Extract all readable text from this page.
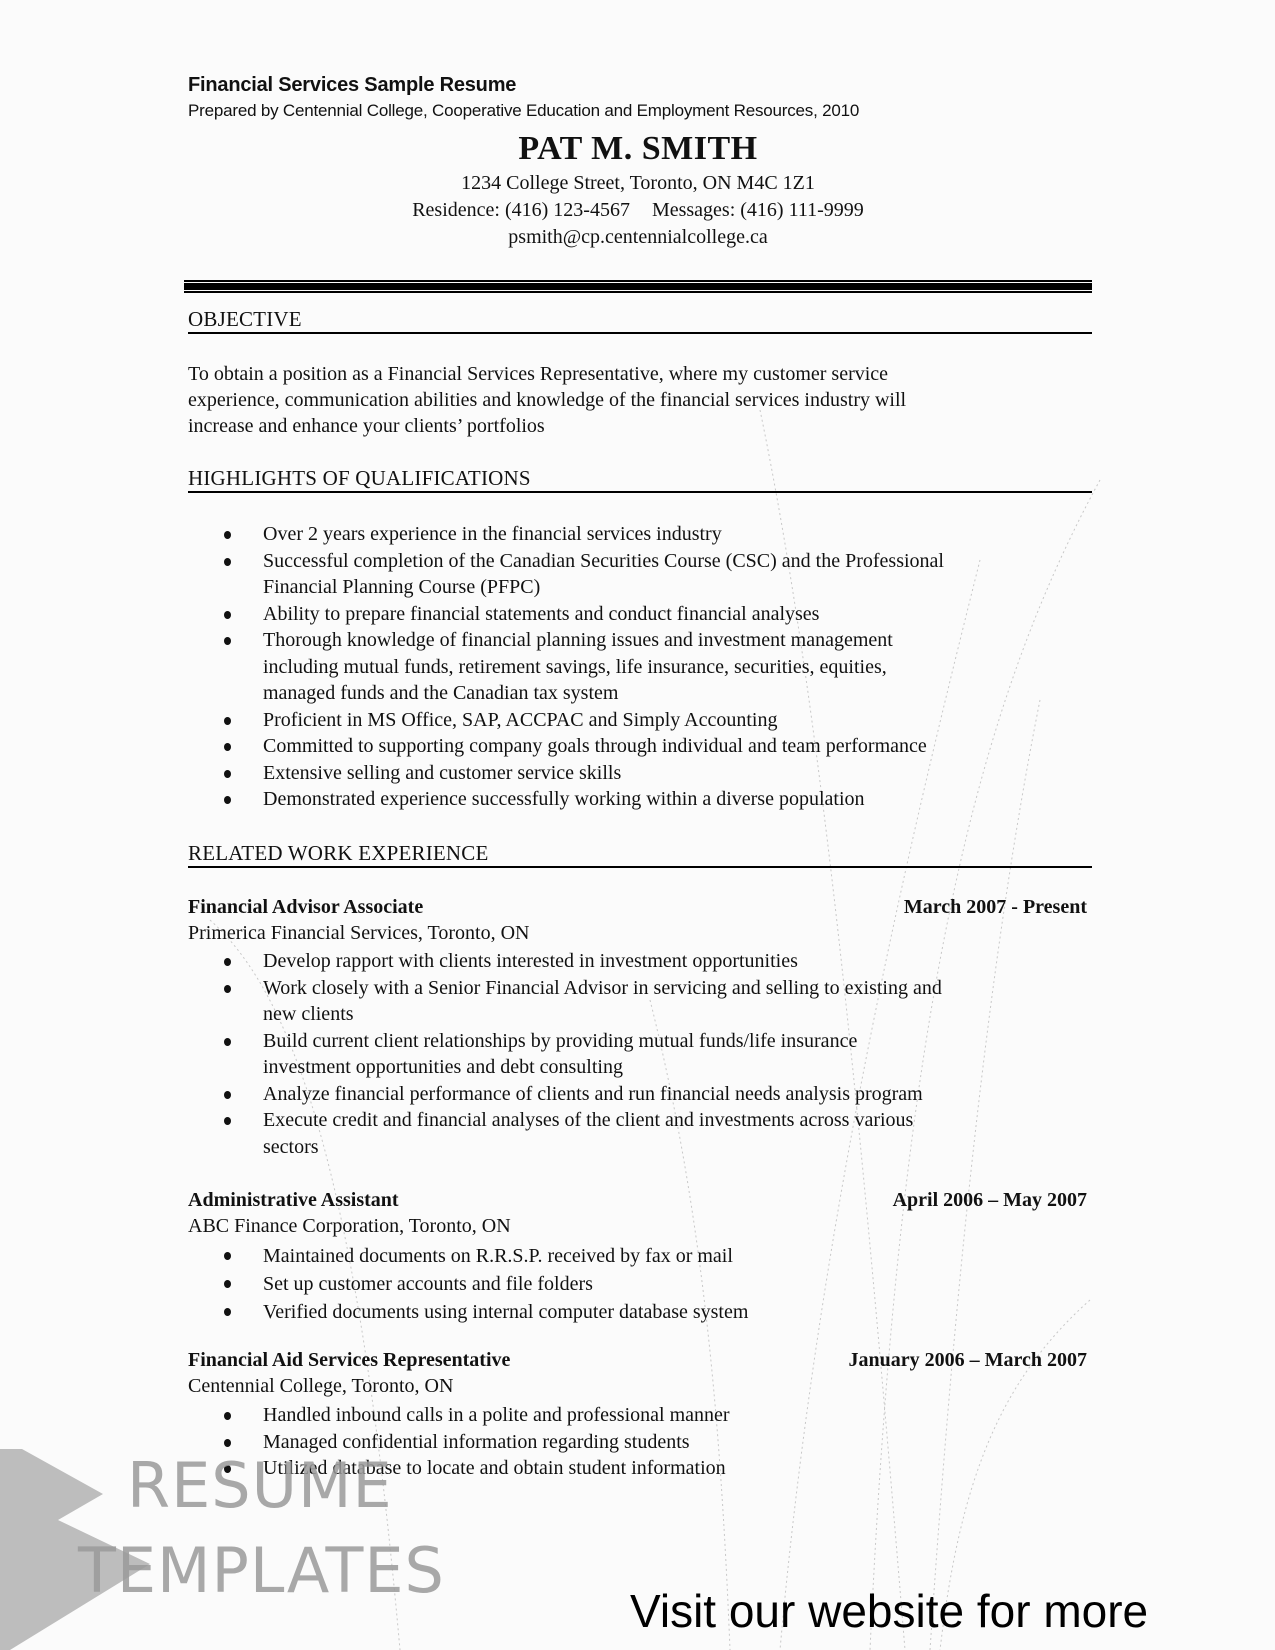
Financial Services Sample Resume
Prepared by Centennial College, Cooperative Education and Employment Resources, 2010
PAT M. SMITH
1234 College Street, Toronto, ON M4C 1Z1
Residence: (416) 123-4567 Messages: (416) 111-9999
psmith@cp.centennialcollege.ca
OBJECTIVE
To obtain a position as a Financial Services Representative, where my customer service
experience, communication abilities and knowledge of the financial services industry will
increase and enhance your clients’ portfolios
HIGHLIGHTS OF QUALIFICATIONS
Over 2 years experience in the financial services industry
Successful completion of the Canadian Securities Course (CSC) and the Professional
Financial Planning Course (PFPC)
Ability to prepare financial statements and conduct financial analyses
Thorough knowledge of financial planning issues and investment management
including mutual funds, retirement savings, life insurance, securities, equities,
managed funds and the Canadian tax system
Proficient in MS Office, SAP, ACCPAC and Simply Accounting
Committed to supporting company goals through individual and team performance
Extensive selling and customer service skills
Demonstrated experience successfully working within a diverse population
RELATED WORK EXPERIENCE
Financial Advisor Associate	March 2007 - Present
Primerica Financial Services, Toronto, ON
Develop rapport with clients interested in investment opportunities
Work closely with a Senior Financial Advisor in servicing and selling to existing and
new clients
Build current client relationships by providing mutual funds/life insurance
investment opportunities and debt consulting
Analyze financial performance of clients and run financial needs analysis program
Execute credit and financial analyses of the client and investments across various
sectors
Administrative Assistant	April 2006 – May 2007
ABC Finance Corporation, Toronto, ON
Maintained documents on R.R.S.P. received by fax or mail
Set up customer accounts and file folders
Verified documents using internal computer database system
Financial Aid Services Representative	January 2006 – March 2007
Centennial College, Toronto, ON
Handled inbound calls in a polite and professional manner
Managed confidential information regarding students
Utilized database to locate and obtain student information
RESUME
TEMPLATES
Visit our website for more
